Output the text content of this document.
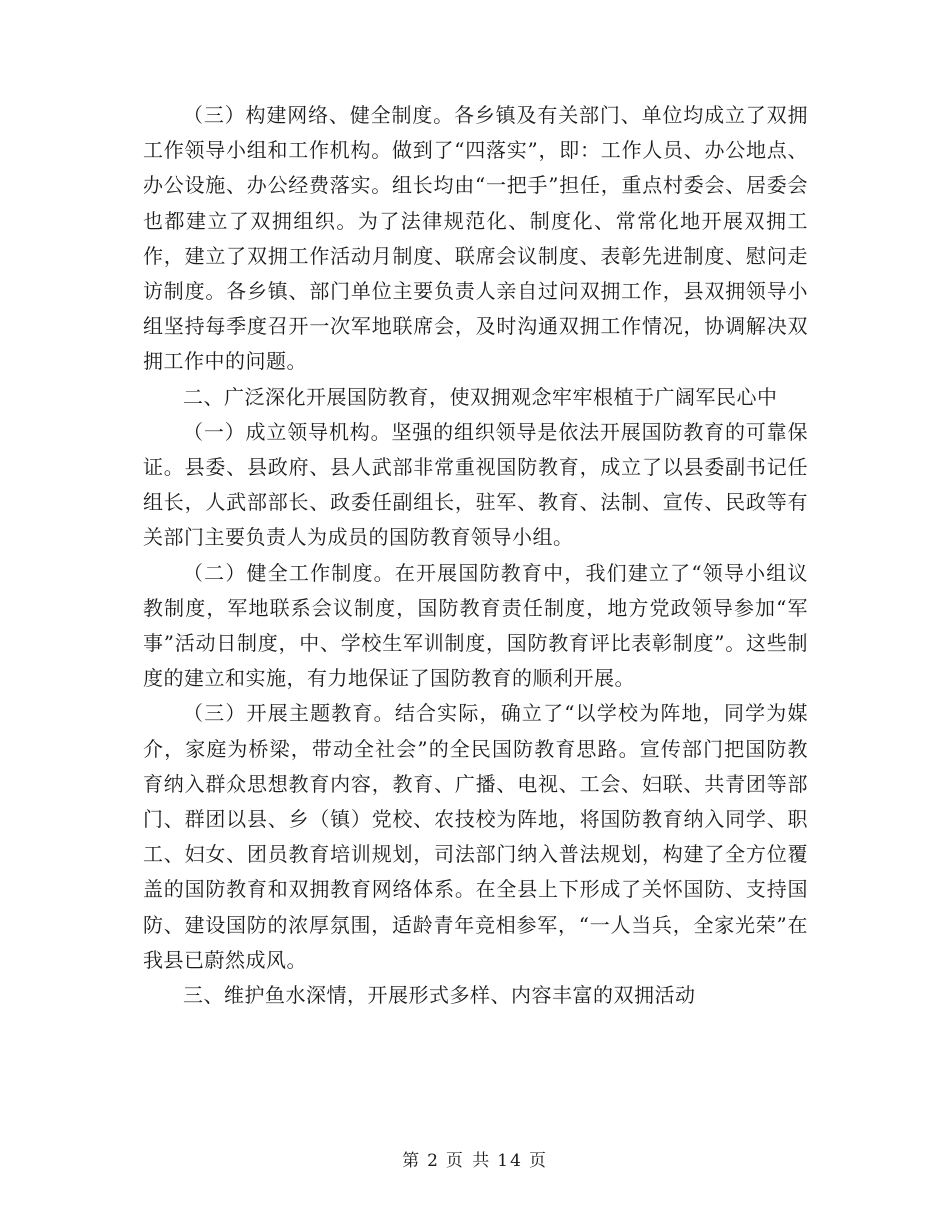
（三）构建网络、健全制度。各乡镇及有关部门、单位均成立了双拥工作领导小组和工作机构。做到了“四落实”，即：工作人员、办公地点、办公设施、办公经费落实。组长均由“一把手”担任，重点村委会、居委会也都建立了双拥组织。为了法律规范化、制度化、常常化地开展双拥工作，建立了双拥工作活动月制度、联席会议制度、表彰先进制度、慰问走访制度。各乡镇、部门单位主要负责人亲自过问双拥工作，县双拥领导小组坚持每季度召开一次军地联席会，及时沟通双拥工作情况，协调解决双拥工作中的问题。

二、广泛深化开展国防教育，使双拥观念牢牢根植于广阔军民心中

（一）成立领导机构。坚强的组织领导是依法开展国防教育的可靠保证。县委、县政府、县人武部非常重视国防教育，成立了以县委副书记任组长，人武部部长、政委任副组长，驻军、教育、法制、宣传、民政等有关部门主要负责人为成员的国防教育领导小组。

（二）健全工作制度。在开展国防教育中，我们建立了“领导小组议教制度，军地联系会议制度，国防教育责任制度，地方党政领导参加“军事”活动日制度，中、学校生军训制度，国防教育评比表彰制度”。这些制度的建立和实施，有力地保证了国防教育的顺利开展。

（三）开展主题教育。结合实际，确立了“以学校为阵地，同学为媒介，家庭为桥梁，带动全社会”的全民国防教育思路。宣传部门把国防教育纳入群众思想教育内容，教育、广播、电视、工会、妇联、共青团等部门、群团以县、乡（镇）党校、农技校为阵地，将国防教育纳入同学、职工、妇女、团员教育培训规划，司法部门纳入普法规划，构建了全方位覆盖的国防教育和双拥教育网络体系。在全县上下形成了关怀国防、支持国防、建设国防的浓厚氛围，适龄青年竞相参军，“一人当兵，全家光荣”在我县已蔚然成风。

三、维护鱼水深情，开展形式多样、内容丰富的双拥活动

第 2 页 共 14 页
